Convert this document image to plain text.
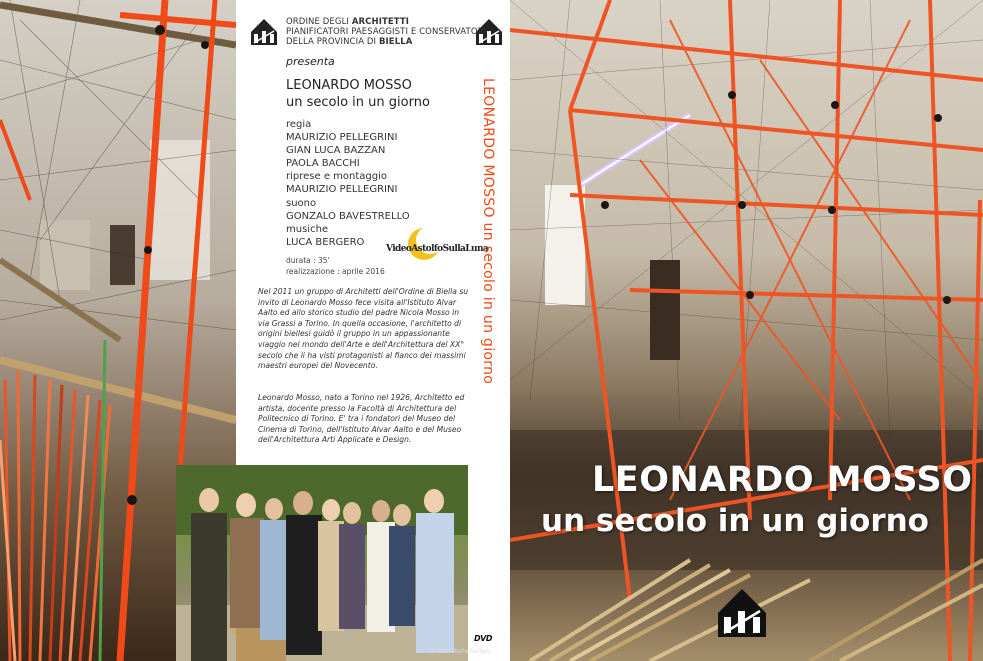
ORDINE DEGLI ARCHITETTI
PIANIFICATORI PAESAGGISTI E CONSERVATORI
DELLA PROVINCIA DI BIELLA
presenta
LEONARDO MOSSO
un secolo in un giorno
regia
MAURIZIO PELLEGRINI
GIAN LUCA BAZZAN
PAOLA BACCHI
riprese e montaggio
MAURIZIO PELLEGRINI
suono
GONZALO BAVESTRELLO
musiche
LUCA BERGERO
VideoAstolfoSullaLuna
durata : 35'
realizzazione : aprile 2016
Nel 2011 un gruppo di Architetti dell'Ordine di Biella su invito di Leonardo Mosso fece visita all'Istituto Alvar Aalto ed allo storico studio del padre Nicola Mosso in via Grassi a Torino. In quella occasione, l'architetto di origini biellesi guidò il gruppo in un appassionante viaggio nel mondo dell'Arte e dell'Architettura del XX° secolo che li ha visti protagonisti al fianco dei massimi maestri europei del Novecento.
Leonardo Mosso, nato a Torino nel 1926, Architetto ed artista, docente presso la Facoltà di Architettura del Politecnico di Torino. E' tra i fondatori del Museo del Cinema di Torino, dell'Istituto Alvar Aalto e del Museo dell'Architettura Arti Applicate e Design.
LEONARDO MOSSO un secolo in un giorno
© foto Mario Sellaro
DVD
LEONARDO MOSSO
un secolo in un giorno
